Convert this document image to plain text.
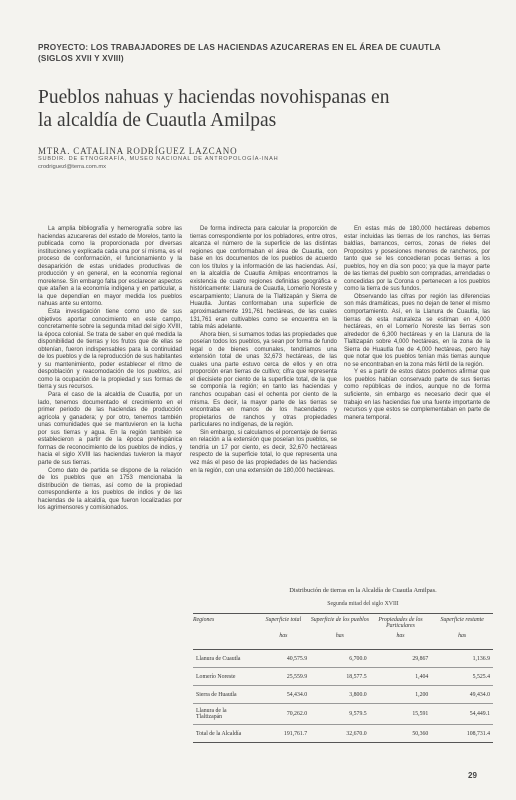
PROYECTO: LOS TRABAJADORES DE LAS HACIENDAS AZUCARERAS EN EL ÁREA DE CUAUTLA
(SIGLOS XVII Y XVIII)
Pueblos nahuas y haciendas novohispanas en
la alcaldía de Cuautla Amilpas
MTRA. CATALINA RODRÍGUEZ LAZCANO
SUBDIR. DE ETNOGRAFÍA, MUSEO NACIONAL DE ANTROPOLOGÍA-INAH
crodriguezl@terra.com.mx

La amplia bibliografía y hemerografía sobre las haciendas azucareras del estado de Morelos, tanto la publicada como la proporcionada por diversas instituciones y explicada cada una por sí misma, es el proceso de conformación, el funcionamiento y la desaparición de estas unidades productivas de producción y en general, en la economía regional morelense. Sin embargo falta por esclarecer aspectos que atañen a la economía indígena y en particular, a la que dependían en mayor medida los pueblos nahuas ante su entorno.

Esta investigación tiene como uno de sus objetivos aportar conocimiento en este campo, concretamente sobre la segunda mitad del siglo XVIII, la época colonial. Se trata de saber en qué medida la disponibilidad de tierras y los frutos que de ellas se obtenían, fueron indispensables para la continuidad de los pueblos y de la reproducción de sus habitantes y su mantenimiento, poder establecer el ritmo de despoblación y reacomodación de los pueblos, así como la ocupación de la propiedad y sus formas de tierra y sus recursos.

Para el caso de la alcaldía de Cuautla, por un lado, tenemos documentado el crecimiento en el primer periodo de las haciendas de producción agrícola y ganadera; y por otro, tenemos también unas comunidades que se mantuvieron en la lucha por sus tierras y agua. En la región también se establecieron a partir de la época prehispánica formas de reconocimiento de los pueblos de indios, y hacia el siglo XVIII las haciendas tuvieron la mayor parte de sus tierras.

Como dato de partida se dispone de la relación de los pueblos que en 1753 mencionaba la distribución de tierras, así como de la propiedad correspondiente a los pueblos de indios y de las haciendas de la alcaldía, que fueron localizadas por los agrimensores y comisionados.

De forma indirecta para calcular la proporción de tierras correspondiente por los pobladores, entre otros, alcanza el número de la superficie de las distintas regiones que conformaban el área de Cuautla, con base en los documentos de los pueblos de acuerdo con los títulos y la información de las haciendas. Así, en la alcaldía de Cuautla Amilpas encontramos la existencia de cuatro regiones definidas geográfica e históricamente: Llanura de Cuautla, Lomerío Noreste y escarpamiento; Llanura de la Tlaltizapán y Sierra de Huautla. Juntas conformaban una superficie de aproximadamente 191,761 hectáreas, de las cuales 131,761 eran cultivables como se encuentra en la tabla más adelante.

Ahora bien, si sumamos todas las propiedades que poseían todos los pueblos, ya sean por forma de fundo legal o de bienes comunales, tendríamos una extensión total de unas 32,673 hectáreas, de las cuales una parte estuvo cerca de ellos y en otra proporción eran tierras de cultivo; cifra que representa el diecisiete por ciento de la superficie total, de la que se componía la región; en tanto las haciendas y ranchos ocupaban casi el ochenta por ciento de la misma. Es decir, la mayor parte de las tierras se encontraba en manos de los hacendados y propietarios de ranchos y otras propiedades particulares no indígenas, de la región.

Sin embargo, si calculamos el porcentaje de tierras en relación a la extensión que poseían los pueblos, se tendría un 17 por ciento, es decir, 32,670 hectáreas respecto de la superficie total, lo que representa una vez más el peso de las propiedades de las haciendas en la región, con una extensión de 180,000 hectáreas.

En estas más de 180,000 hectáreas debemos estar incluidas las tierras de los ranchos, las tierras baldías, barrancos, cerros, zonas de rieles del Propositos y posesiones menores de rancheros, por tanto que se les concedieran pocas tierras a los pueblos, hoy en día son poco; ya que la mayor parte de las tierras del pueblo son compradas, arrendadas o concedidas por la Corona o pertenecen a los pueblos como la tierra de sus fundos.

Observando las cifras por región las diferencias son más dramáticas, pues no dejan de tener el mismo comportamiento. Así, en la Llanura de Cuautla, las tierras de esta naturaleza se estiman en 4,000 hectáreas, en el Lomerío Noreste las tierras son alrededor de 6,300 hectáreas y en la Llanura de la Tlaltizapán sobre 4,000 hectáreas, en la zona de la Sierra de Huautla fue de 4,000 hectáreas, pero hay que notar que los pueblos tenían más tierras aunque no se encontraban en la zona más fértil de la región.

Y es a partir de estos datos podemos afirmar que los pueblos habían conservado parte de sus tierras como repúblicas de indios, aunque no de forma suficiente, sin embargo es necesario decir que el trabajo en las haciendas fue una fuente importante de recursos y que estos se complementaban en parte de manera temporal.

Distribución de tierras en la Alcaldía de Cuautla Amilpas.
Segunda mitad del siglo XVIII
Regiones	Superficie total	Superficie de los pueblos	Propiedades de los Particulares	Superficie restante
	has	has	has	has
Llanura de Cuautla	40,575.9	6,700.0	29,867	1,136.9
Lomerío Noreste	25,559.9	18,577.5	1,404	5,525.4
Sierra de Huautla	54,434.0	3,800.0	1,200	49,434.0
Llanura de la Tlaltizapán	70,262.0	9,579.5	15,591	54,449.1
Total de la Alcaldía	191,761.7	32,670.0	50,360	108,731.4
29
